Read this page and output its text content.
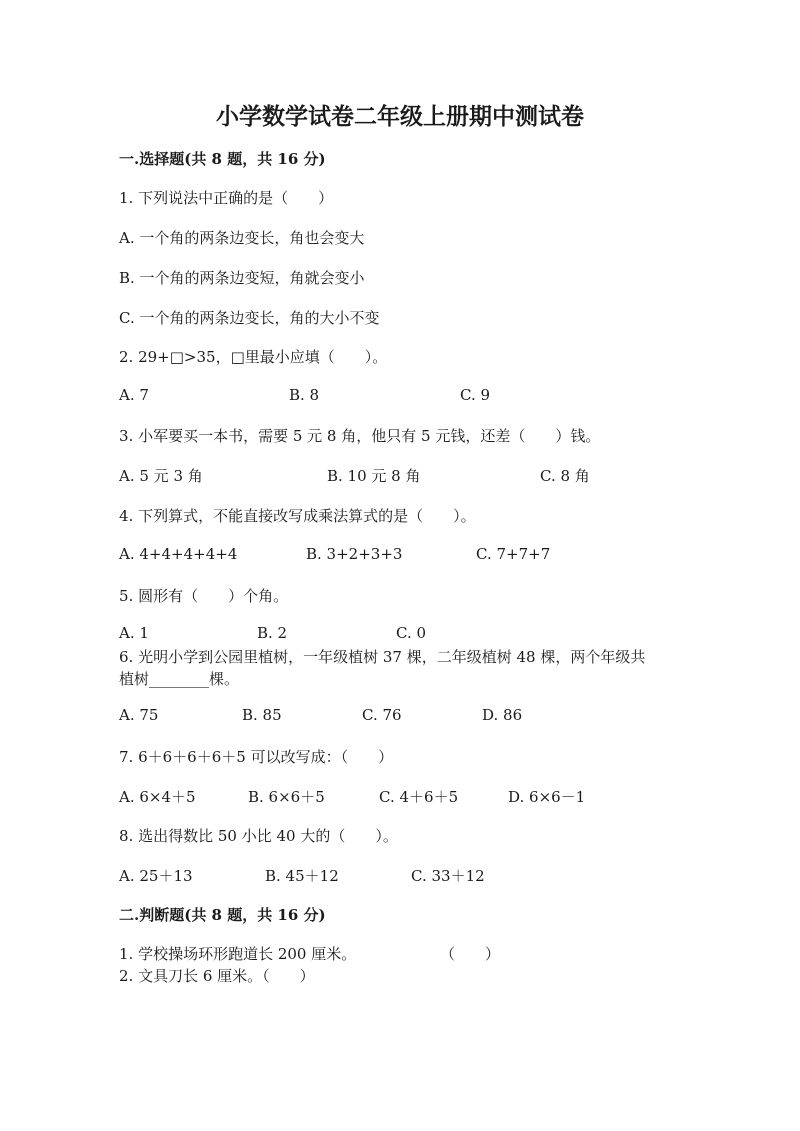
小学数学试卷二年级上册期中测试卷
一.选择题(共 8 题，共 16 分)
1. 下列说法中正确的是（　　）
A. 一个角的两条边变长，角也会变大
B. 一个角的两条边变短，角就会变小
C. 一个角的两条边变长，角的大小不变
2. 29+□>35，□里最小应填（　　）。
A. 7	B. 8	C. 9
3. 小军要买一本书，需要 5 元 8 角，他只有 5 元钱，还差（　　）钱。
A. 5 元 3 角	B. 10 元 8 角	C. 8 角
4. 下列算式，不能直接改写成乘法算式的是（　　）。
A. 4+4+4+4+4	B. 3+2+3+3	C. 7+7+7
5. 圆形有（　　）个角。
A. 1	B. 2	C. 0
6. 光明小学到公园里植树，一年级植树 37 棵，二年级植树 48 棵，两个年级共
植树________棵。
A. 75	B. 85	C. 76	D. 86
7. 6＋6＋6＋6＋5 可以改写成：（　　）
A. 6×4＋5	B. 6×6＋5	C. 4＋6＋5	D. 6×6－1
8. 选出得数比 50 小比 40 大的（　　）。
A. 25＋13	B. 45＋12	C. 33＋12
二.判断题(共 8 题，共 16 分)
1. 学校操场环形跑道长 200 厘米。	（　　）
2. 文具刀长 6 厘米。（　　）
